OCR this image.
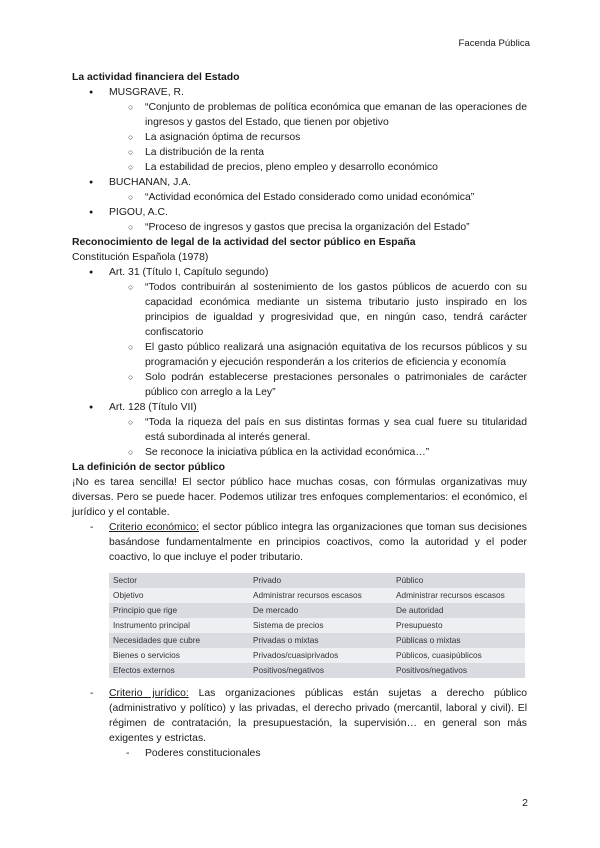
Facenda Pública
La actividad financiera del Estado
● MUSGRAVE, R.
○ “Conjunto de problemas de política económica que emanan de las operaciones de ingresos y gastos del Estado, que tienen por objetivo
○ La asignación óptima de recursos
○ La distribución de la renta
○ La estabilidad de precios, pleno empleo y desarrollo económico
● BUCHANAN, J.A.
○ “Actividad económica del Estado considerado como unidad económica”
● PIGOU, A.C.
○ “Proceso de ingresos y gastos que precisa la organización del Estado”
Reconocimiento de legal de la actividad del sector público en España
Constitución Española (1978)
● Art. 31 (Título I, Capítulo segundo)
○ “Todos contribuirán al sostenimiento de los gastos públicos de acuerdo con su capacidad económica mediante un sistema tributario justo inspirado en los principios de igualdad y progresividad que, en ningún caso, tendrá carácter confiscatorio
○ El gasto público realizará una asignación equitativa de los recursos públicos y su programación y ejecución responderán a los criterios de eficiencia y economía
○ Solo podrán establecerse prestaciones personales o patrimoniales de carácter público con arreglo a la Ley”
● Art. 128 (Título VII)
○ “Toda la riqueza del país en sus distintas formas y sea cual fuere su titularidad está subordinada al interés general.
○ Se reconoce la iniciativa pública en la actividad económica…”
La definición de sector público
¡No es tarea sencilla! El sector público hace muchas cosas, con fórmulas organizativas muy diversas. Pero se puede hacer. Podemos utilizar tres enfoques complementarios: el económico, el jurídico y el contable.
- Criterio económico: el sector público integra las organizaciones que toman sus decisiones basándose fundamentalmente en principios coactivos, como la autoridad y el poder coactivo, lo que incluye el poder tributario.
Sector	Privado	Público
Objetivo	Administrar recursos escasos	Administrar recursos escasos
Principio que rige	De mercado	De autoridad
Instrumento principal	Sistema de precios	Presupuesto
Necesidades que cubre	Privadas o mixtas	Públicas o mixtas
Bienes o servicios	Privados/cuasiprivados	Públicos, cuasipúblicos
Efectos externos	Positivos/negativos	Positivos/negativos
- Criterio jurídico: Las organizaciones públicas están sujetas a derecho público (administrativo y político) y las privadas, el derecho privado (mercantil, laboral y civil). El régimen de contratación, la presupuestación, la supervisión… en general son más exigentes y estrictas.
- Poderes constitucionales
2
